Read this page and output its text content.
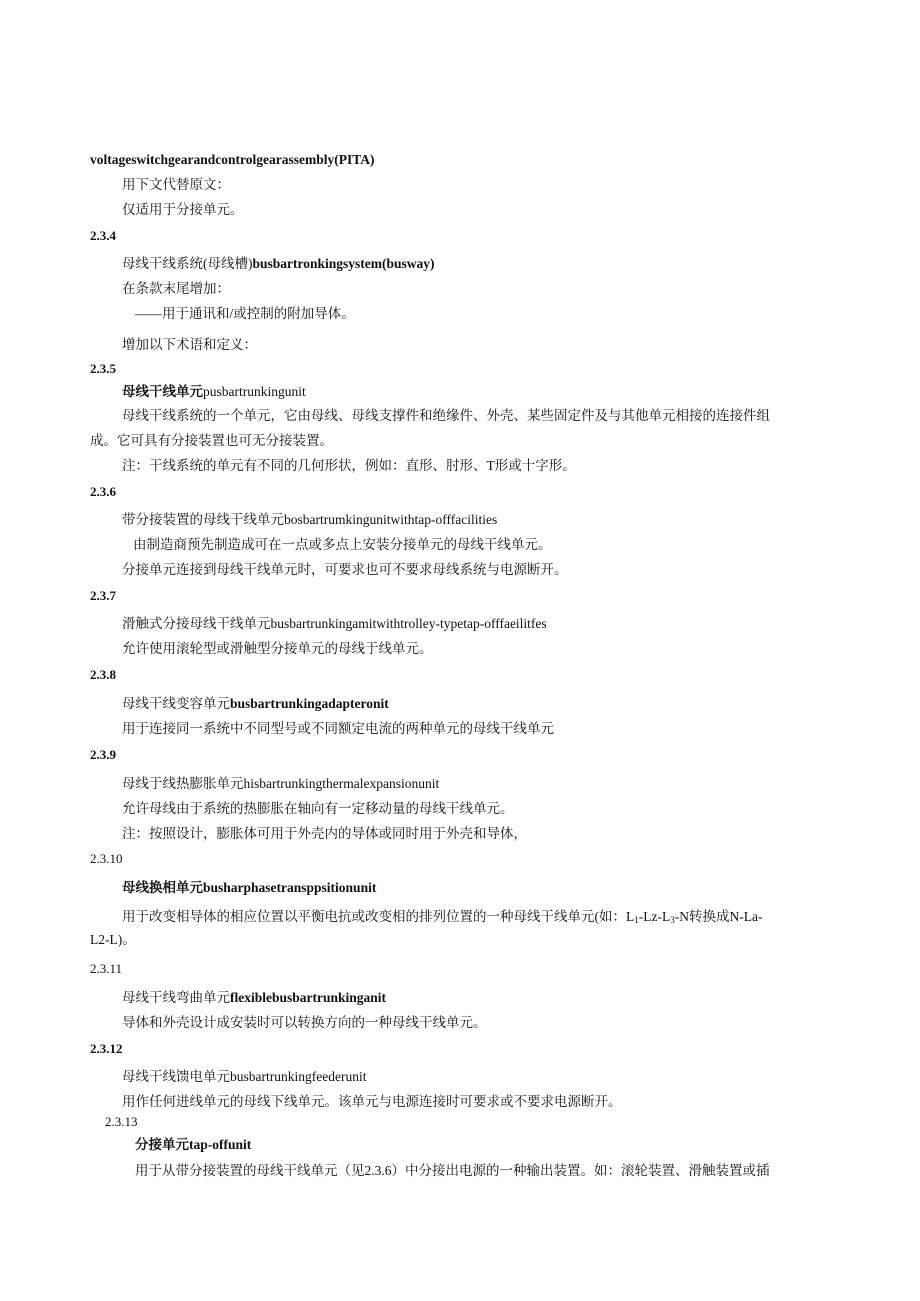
voltageswitchgearandcontrolgearassembly(PITA)
用下文代替原文：
仅适用于分接单元。
2.3.4
母线干线系统(母线槽)busbartronkingsystem(busway)
在条款末尾增加：
——用于通讯和/或控制的附加导体。
增加以下术语和定义：
2.3.5
母线干线单元pusbartrunkingunit
母线干线系统的一个单元，它由母线、母线支撑件和绝缘件、外壳、某些固定件及与其他单元相接的连接件组
成。它可具有分接装置也可无分接装置。
注：干线系统的单元有不同的几何形状，例如：直形、肘形、T形或十字形。
2.3.6
带分接装置的母线干线单元bosbartrumkingunitwithtap-offfacilities
由制造商预先制造成可在一点或多点上安装分接单元的母线干线单元。
分接单元连接到母线干线单元时，可要求也可不要求母线系统与电源断开。
2.3.7
滑触式分接母线干线单元busbartrunkingamitwithtrolley-typetap-offfaeilitfes
允许使用滚轮型或滑触型分接单元的母线于线单元。
2.3.8
母线干线变容单元busbartrunkingadapteronit
用于连接同一系统中不同型号或不同额定电流的两种单元的母线干线单元
2.3.9
母线于线热膨胀单元hisbartrunkingthermalexpansionunit
允许母线由于系统的热膨胀在轴向有一定移动量的母线干线单元。
注：按照设计，膨胀体可用于外壳内的导体或同时用于外壳和导体，
2.3.10
母线换相单元busharphasetransppsitionunit
用于改变相导体的相应位置以平衡电抗或改变相的排列位置的一种母线干线单元(如：$L_1-Lz-L_3-N$转换成N-La-
L2-L)。
2.3.11
母线干线弯曲单元flexiblebusbartrunkinganit
导体和外壳设计成安装时可以转换方向的一种母线干线单元。
2.3.12
母线干线馈电单元busbartrunkingfeederunit
用作任何进线单元的母线下线单元。该单元与电源连接时可要求或不要求电源断开。
2.3.13
分接单元tap-offunit
用于从带分接装置的母线干线单元（见2.3.6）中分接出电源的一种输出装置。如：滚轮装置、滑触装置或插
